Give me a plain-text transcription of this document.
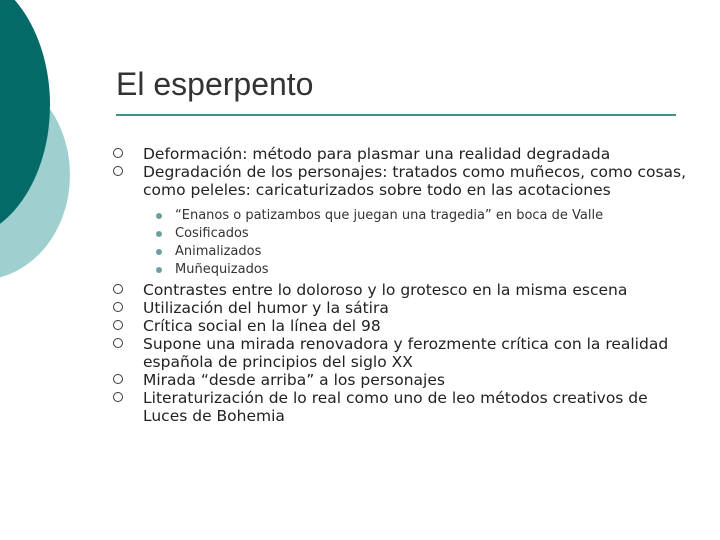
El esperpento
Deformación: método para plasmar una realidad degradada
Degradación de los personajes: tratados como muñecos, como cosas, como peleles: caricaturizados sobre todo en las acotaciones
“Enanos o patizambos que juegan una tragedia” en boca de Valle
Cosificados
Animalizados
Muñequizados
Contrastes entre lo doloroso y lo grotesco en la misma escena
Utilización del humor y la sátira
Crítica social en la línea del 98
Supone una mirada renovadora y ferozmente crítica con la realidad española de principios del siglo XX
Mirada “desde arriba” a los personajes
Literaturización de lo real como uno de leo métodos creativos de Luces de Bohemia
